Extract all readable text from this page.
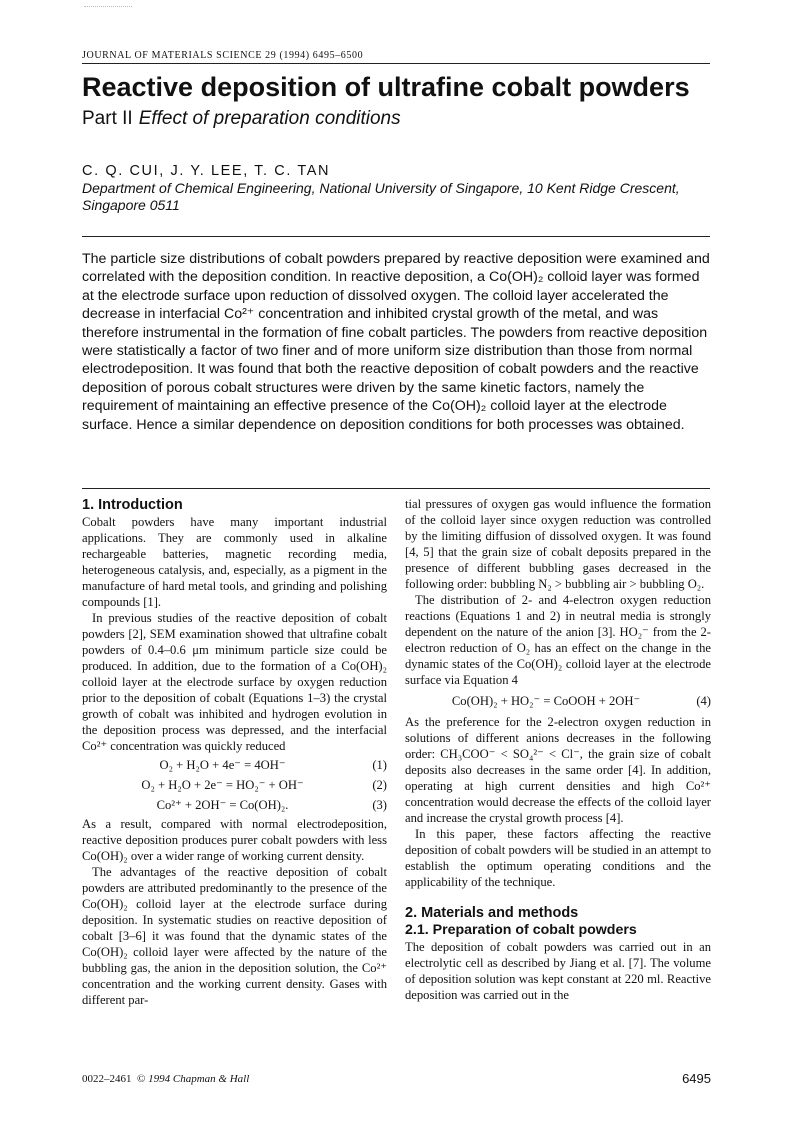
JOURNAL OF MATERIALS SCIENCE 29 (1994) 6495–6500
Reactive deposition of ultrafine cobalt powders
Part II Effect of preparation conditions
C. Q. CUI, J. Y. LEE, T. C. TAN
Department of Chemical Engineering, National University of Singapore, 10 Kent Ridge Crescent, Singapore 0511
The particle size distributions of cobalt powders prepared by reactive deposition were examined and correlated with the deposition condition. In reactive deposition, a Co(OH)₂ colloid layer was formed at the electrode surface upon reduction of dissolved oxygen. The colloid layer accelerated the decrease in interfacial Co²⁺ concentration and inhibited crystal growth of the metal, and was therefore instrumental in the formation of fine cobalt particles. The powders from reactive deposition were statistically a factor of two finer and of more uniform size distribution than those from normal electrodeposition. It was found that both the reactive deposition of cobalt powders and the reactive deposition of porous cobalt structures were driven by the same kinetic factors, namely the requirement of maintaining an effective presence of the Co(OH)₂ colloid layer at the electrode surface. Hence a similar dependence on deposition conditions for both processes was obtained.
1. Introduction

Cobalt powders have many important industrial applications. They are commonly used in alkaline rechargeable batteries, magnetic recording media, heterogeneous catalysis, and, especially, as a pigment in the manufacture of hard metal tools, and grinding and polishing compounds [1].

In previous studies of the reactive deposition of cobalt powders [2], SEM examination showed that ultrafine cobalt powders of 0.4–0.6 μm minimum particle size could be produced. In addition, due to the formation of a Co(OH)₂ colloid layer at the electrode surface by oxygen reduction prior to the deposition of cobalt (Equations 1–3) the crystal growth of cobalt was inhibited and hydrogen evolution in the deposition process was depressed, and the interfacial Co²⁺ concentration was quickly reduced

O₂ + H₂O + 4e⁻ = 4OH⁻	(1)
O₂ + H₂O + 2e⁻ = HO₂⁻ + OH⁻	(2)
Co²⁺ + 2OH⁻ = Co(OH)₂.	(3)

As a result, compared with normal electrodeposition, reactive deposition produces purer cobalt powders with less Co(OH)₂ over a wider range of working current density.

The advantages of the reactive deposition of cobalt powders are attributed predominantly to the presence of the Co(OH)₂ colloid layer at the electrode surface during deposition. In systematic studies on reactive deposition of cobalt [3–6] it was found that the dynamic states of the Co(OH)₂ colloid layer were affected by the nature of the bubbling gas, the anion in the deposition solution, the Co²⁺ concentration and the working current density. Gases with different par-

tial pressures of oxygen gas would influence the formation of the colloid layer since oxygen reduction was controlled by the limiting diffusion of dissolved oxygen. It was found [4, 5] that the grain size of cobalt deposits prepared in the presence of different bubbling gases decreased in the following order: bubbling N₂ > bubbling air > bubbling O₂.

The distribution of 2- and 4-electron oxygen reduction reactions (Equations 1 and 2) in neutral media is strongly dependent on the nature of the anion [3]. HO₂⁻ from the 2-electron reduction of O₂ has an effect on the change in the dynamic states of the Co(OH)₂ colloid layer at the electrode surface via Equation 4

Co(OH)₂ + HO₂⁻ = CoOOH + 2OH⁻	(4)

As the preference for the 2-electron oxygen reduction in solutions of different anions decreases in the following order: CH₃COO⁻ < SO₄²⁻ < Cl⁻, the grain size of cobalt deposits also decreases in the same order [4]. In addition, operating at high current densities and high Co²⁺ concentration would decrease the effects of the colloid layer and increase the crystal growth process [4].

In this paper, these factors affecting the reactive deposition of cobalt powders will be studied in an attempt to establish the optimum operating conditions and the applicability of the technique.

2. Materials and methods
2.1. Preparation of cobalt powders

The deposition of cobalt powders was carried out in an electrolytic cell as described by Jiang et al. [7]. The volume of deposition solution was kept constant at 220 ml. Reactive deposition was carried out in the

0022–2461 © 1994 Chapman & Hall	6495
